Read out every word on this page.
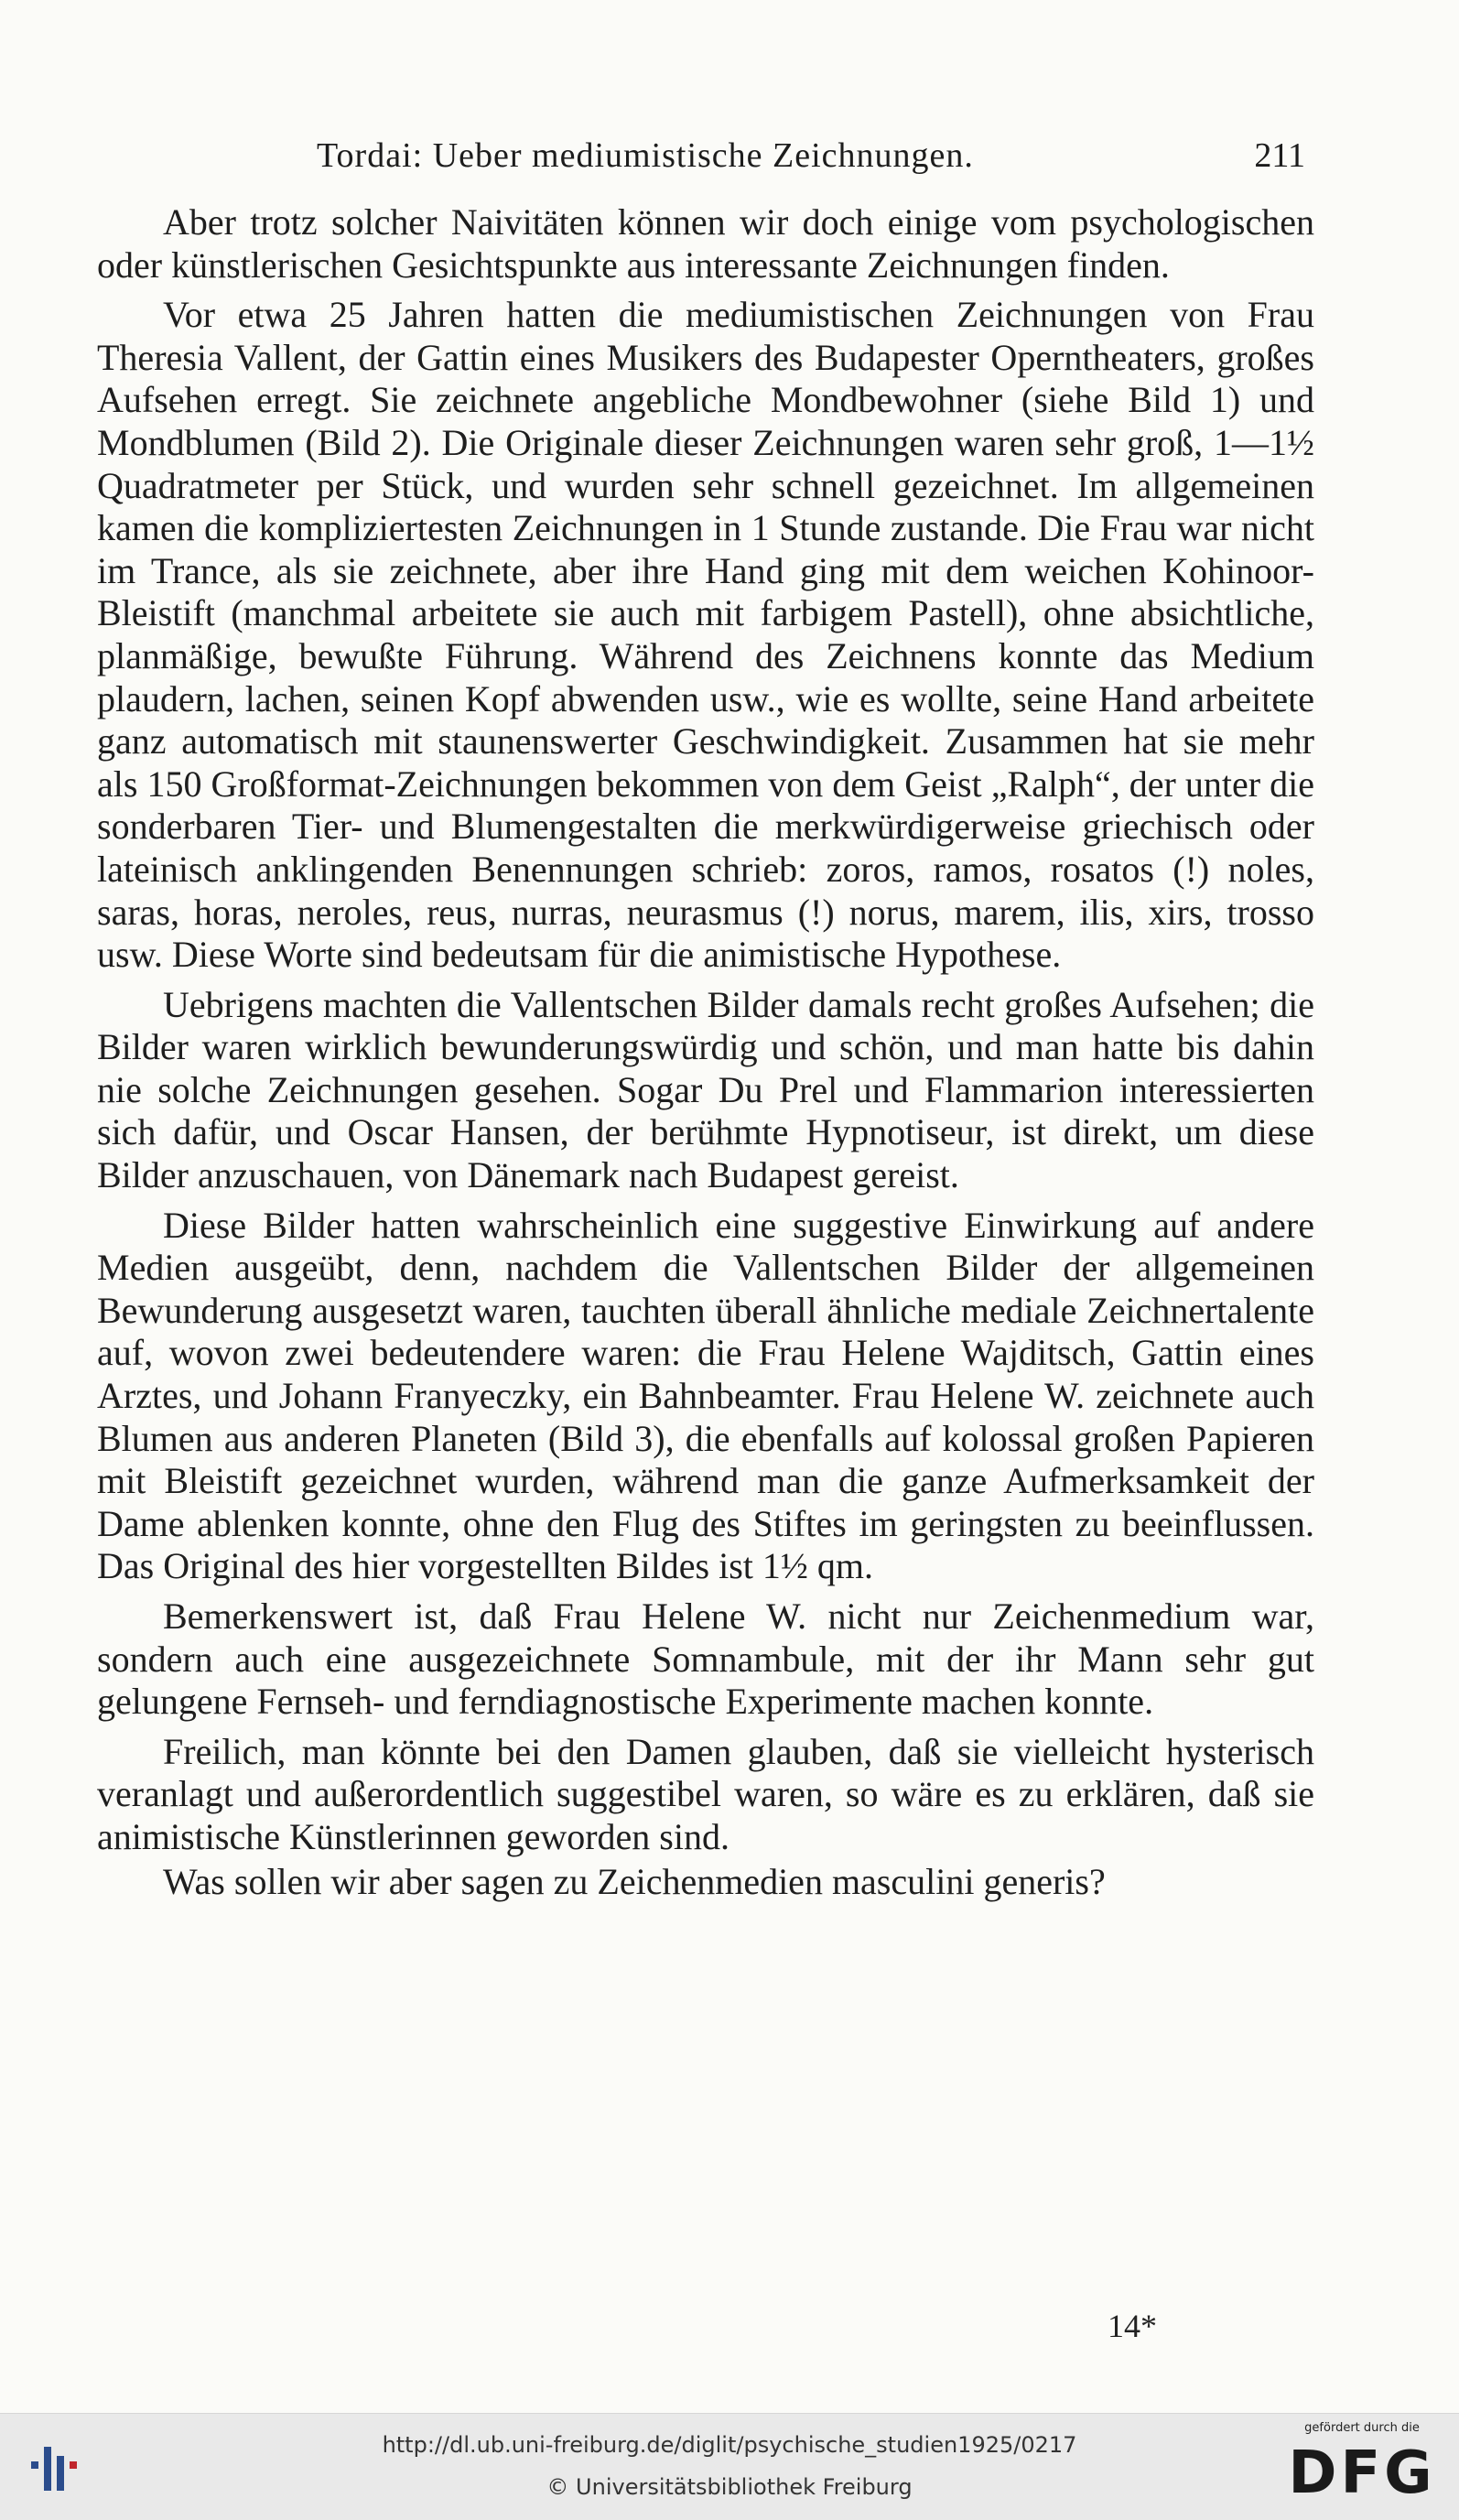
Tordai: Ueber mediumistische Zeichnungen.	211

Aber trotz solcher Naivitäten können wir doch einige vom psychologischen oder künstlerischen Gesichtspunkte aus interessante Zeichnungen finden.

Vor etwa 25 Jahren hatten die mediumistischen Zeichnungen von Frau Theresia Vallent, der Gattin eines Musikers des Budapester Operntheaters, großes Aufsehen erregt. Sie zeichnete angebliche Mondbewohner (siehe Bild 1) und Mondblumen (Bild 2). Die Originale dieser Zeichnungen waren sehr groß, 1—1½ Quadratmeter per Stück, und wurden sehr schnell gezeichnet. Im allgemeinen kamen die kompliziertesten Zeichnungen in 1 Stunde zustande. Die Frau war nicht im Trance, als sie zeichnete, aber ihre Hand ging mit dem weichen Kohinoor-Bleistift (manchmal arbeitete sie auch mit farbigem Pastell), ohne absichtliche, planmäßige, bewußte Führung. Während des Zeichnens konnte das Medium plaudern, lachen, seinen Kopf abwenden usw., wie es wollte, seine Hand arbeitete ganz automatisch mit staunenswerter Geschwindigkeit. Zusammen hat sie mehr als 150 Großformat-Zeichnungen bekommen von dem Geist „Ralph“, der unter die sonderbaren Tier- und Blumengestalten die merkwürdigerweise griechisch oder lateinisch anklingenden Benennungen schrieb: zoros, ramos, rosatos (!) noles, saras, horas, neroles, reus, nurras, neurasmus (!) norus, marem, ilis, xirs, trosso usw. Diese Worte sind bedeutsam für die animistische Hypothese.

Uebrigens machten die Vallentschen Bilder damals recht großes Aufsehen; die Bilder waren wirklich bewunderungswürdig und schön, und man hatte bis dahin nie solche Zeichnungen gesehen. Sogar Du Prel und Flammarion interessierten sich dafür, und Oscar Hansen, der berühmte Hypnotiseur, ist direkt, um diese Bilder anzuschauen, von Dänemark nach Budapest gereist.

Diese Bilder hatten wahrscheinlich eine suggestive Einwirkung auf andere Medien ausgeübt, denn, nachdem die Vallentschen Bilder der allgemeinen Bewunderung ausgesetzt waren, tauchten überall ähnliche mediale Zeichnertalente auf, wovon zwei bedeutendere waren: die Frau Helene Wajditsch, Gattin eines Arztes, und Johann Franyeczky, ein Bahnbeamter. Frau Helene W. zeichnete auch Blumen aus anderen Planeten (Bild 3), die ebenfalls auf kolossal großen Papieren mit Bleistift gezeichnet wurden, während man die ganze Aufmerksamkeit der Dame ablenken konnte, ohne den Flug des Stiftes im geringsten zu beeinflussen. Das Original des hier vorgestellten Bildes ist 1½ qm.

Bemerkenswert ist, daß Frau Helene W. nicht nur Zeichenmedium war, sondern auch eine ausgezeichnete Somnambule, mit der ihr Mann sehr gut gelungene Fernseh- und ferndiagnostische Experimente machen konnte.

Freilich, man könnte bei den Damen glauben, daß sie vielleicht hysterisch veranlagt und außerordentlich suggestibel waren, so wäre es zu erklären, daß sie animistische Künstlerinnen geworden sind.

Was sollen wir aber sagen zu Zeichenmedien masculini generis?

14*
http://dl.ub.uni-freiburg.de/diglit/psychische_studien1925/0217
© Universitätsbibliothek Freiburg
gefördert durch die
DFG
